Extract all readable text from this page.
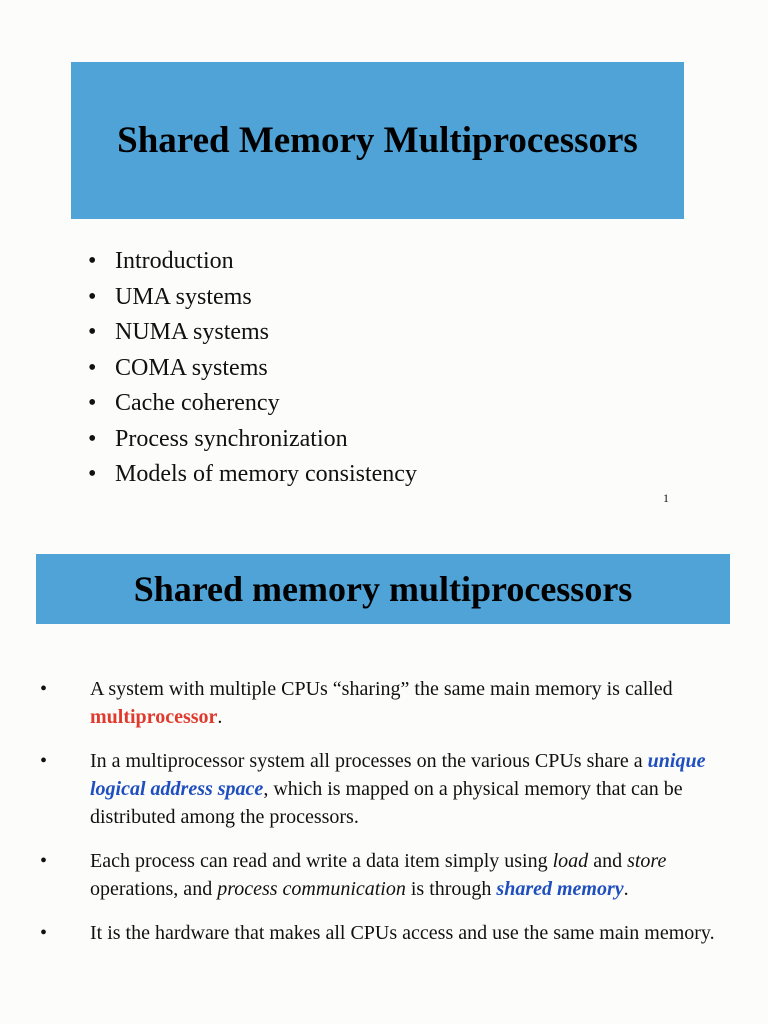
Shared Memory Multiprocessors
• Introduction
• UMA systems
• NUMA systems
• COMA systems
• Cache coherency
• Process synchronization
• Models of memory consistency
1
Shared memory multiprocessors
•	A system with multiple CPUs “sharing” the same main memory is called multiprocessor.
•	In a multiprocessor system all processes on the various CPUs share a unique logical address space, which is mapped on a physical memory that can be distributed among the processors.
•	Each process can read and write a data item simply using load and store operations, and process communication is through shared memory.
•	It is the hardware that makes all CPUs access and use the same main memory.
